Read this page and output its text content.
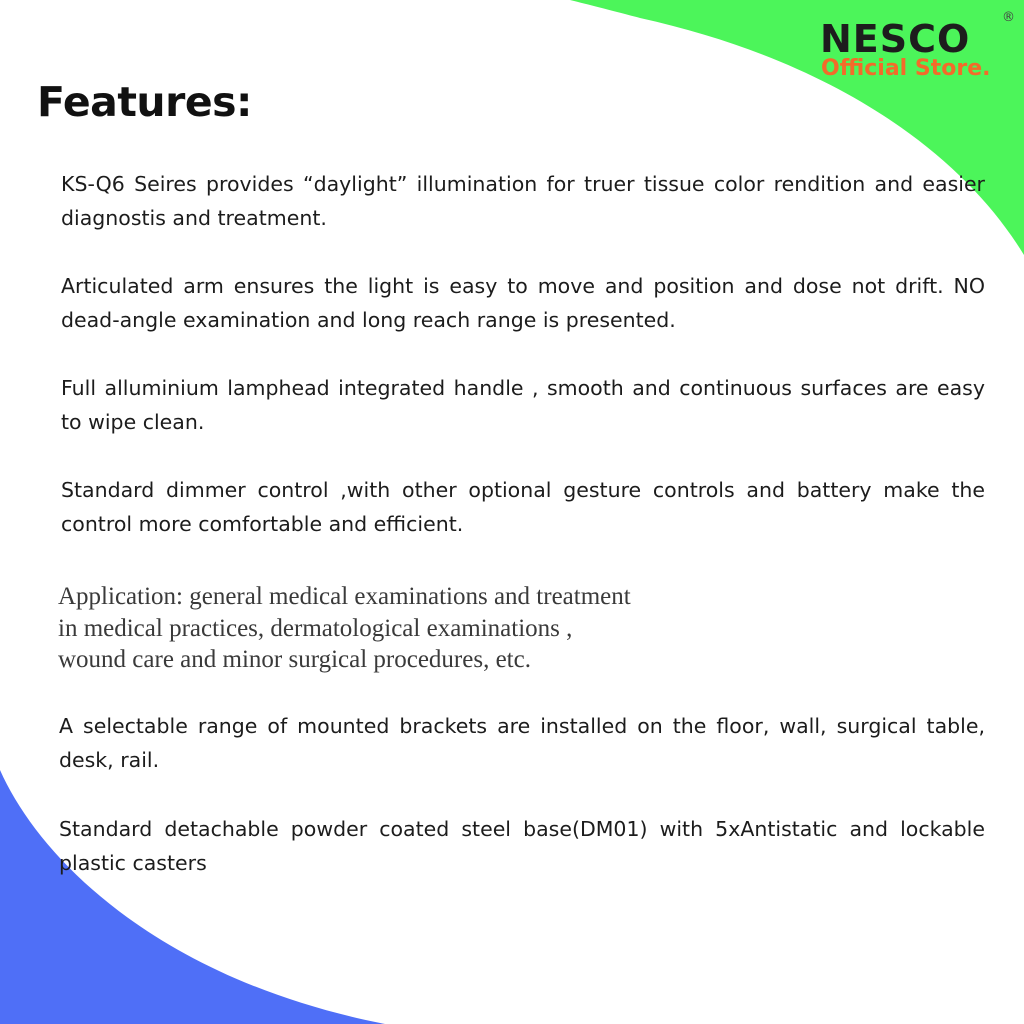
NESCO ®
Official Store.
Features:

KS-Q6 Seires provides “daylight” illumination for truer tissue color rendition and easier diagnostis and treatment.

Articulated arm ensures the light is easy to move and position and dose not drift. NO dead-angle examination and long reach range is presented.

Full alluminium lamphead integrated handle , smooth and continuous surfaces are easy to wipe clean.

Standard dimmer control ,with other optional gesture controls and battery make the control more comfortable and efficient.

Application: general medical examinations and treatment
in medical practices, dermatological examinations ,
wound care and minor surgical procedures, etc.

A selectable range of mounted brackets are installed on the floor, wall, surgical table, desk, rail.

Standard detachable powder coated steel base(DM01) with 5xAntistatic and lockable plastic casters
